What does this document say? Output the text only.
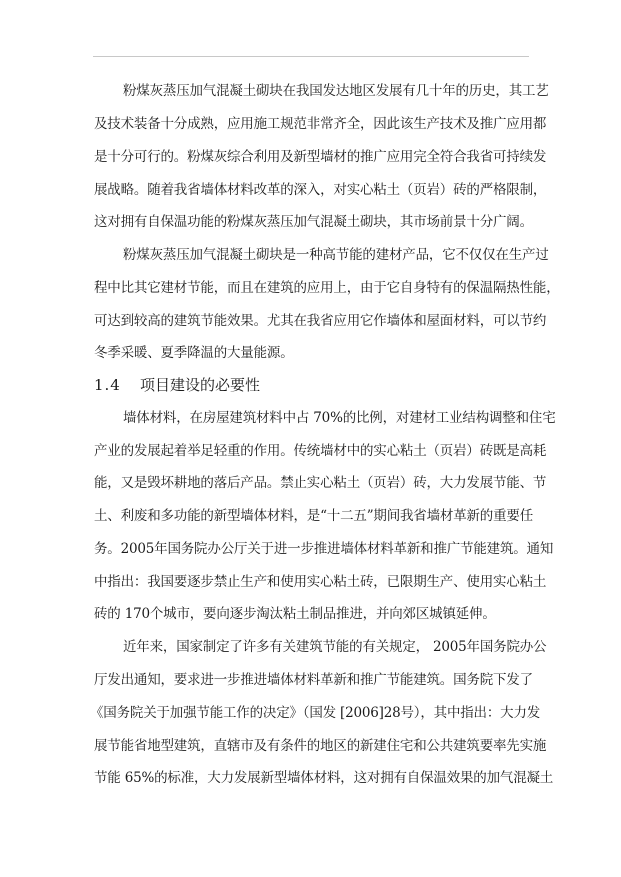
粉煤灰蒸压加气混凝土砌块在我国发达地区发展有几十年的历史，其工艺
及技术装备十分成熟，应用施工规范非常齐全，因此该生产技术及推广应用都
是十分可行的。粉煤灰综合利用及新型墙材的推广应用完全符合我省可持续发
展战略。随着我省墙体材料改革的深入，对实心粘土（页岩）砖的严格限制，
这对拥有自保温功能的粉煤灰蒸压加气混凝土砌块，其市场前景十分广阔。
粉煤灰蒸压加气混凝土砌块是一种高节能的建材产品，它不仅仅在生产过
程中比其它建材节能，而且在建筑的应用上，由于它自身特有的保温隔热性能，
可达到较高的建筑节能效果。尤其在我省应用它作墙体和屋面材料，可以节约
冬季采暖、夏季降温的大量能源。
1.4 项目建设的必要性
墙体材料，在房屋建筑材料中占 70%的比例，对建材工业结构调整和住宅
产业的发展起着举足轻重的作用。传统墙材中的实心粘土（页岩）砖既是高耗
能，又是毁坏耕地的落后产品。禁止实心粘土（页岩）砖，大力发展节能、节
土、利废和多功能的新型墙体材料，是“十二五”期间我省墙材革新的重要任
务。2005年国务院办公厅关于进一步推进墙体材料革新和推广节能建筑。通知
中指出：我国要逐步禁止生产和使用实心粘土砖，已限期生产、使用实心粘土
砖的 170个城市，要向逐步淘汰粘土制品推进，并向郊区城镇延伸。
近年来，国家制定了许多有关建筑节能的有关规定， 2005年国务院办公
厅发出通知，要求进一步推进墙体材料革新和推广节能建筑。国务院下发了
《国务院关于加强节能工作的决定》（国发 [2006]28号），其中指出：大力发
展节能省地型建筑，直辖市及有条件的地区的新建住宅和公共建筑要率先实施
节能 65%的标准，大力发展新型墙体材料，这对拥有自保温效果的加气混凝土
